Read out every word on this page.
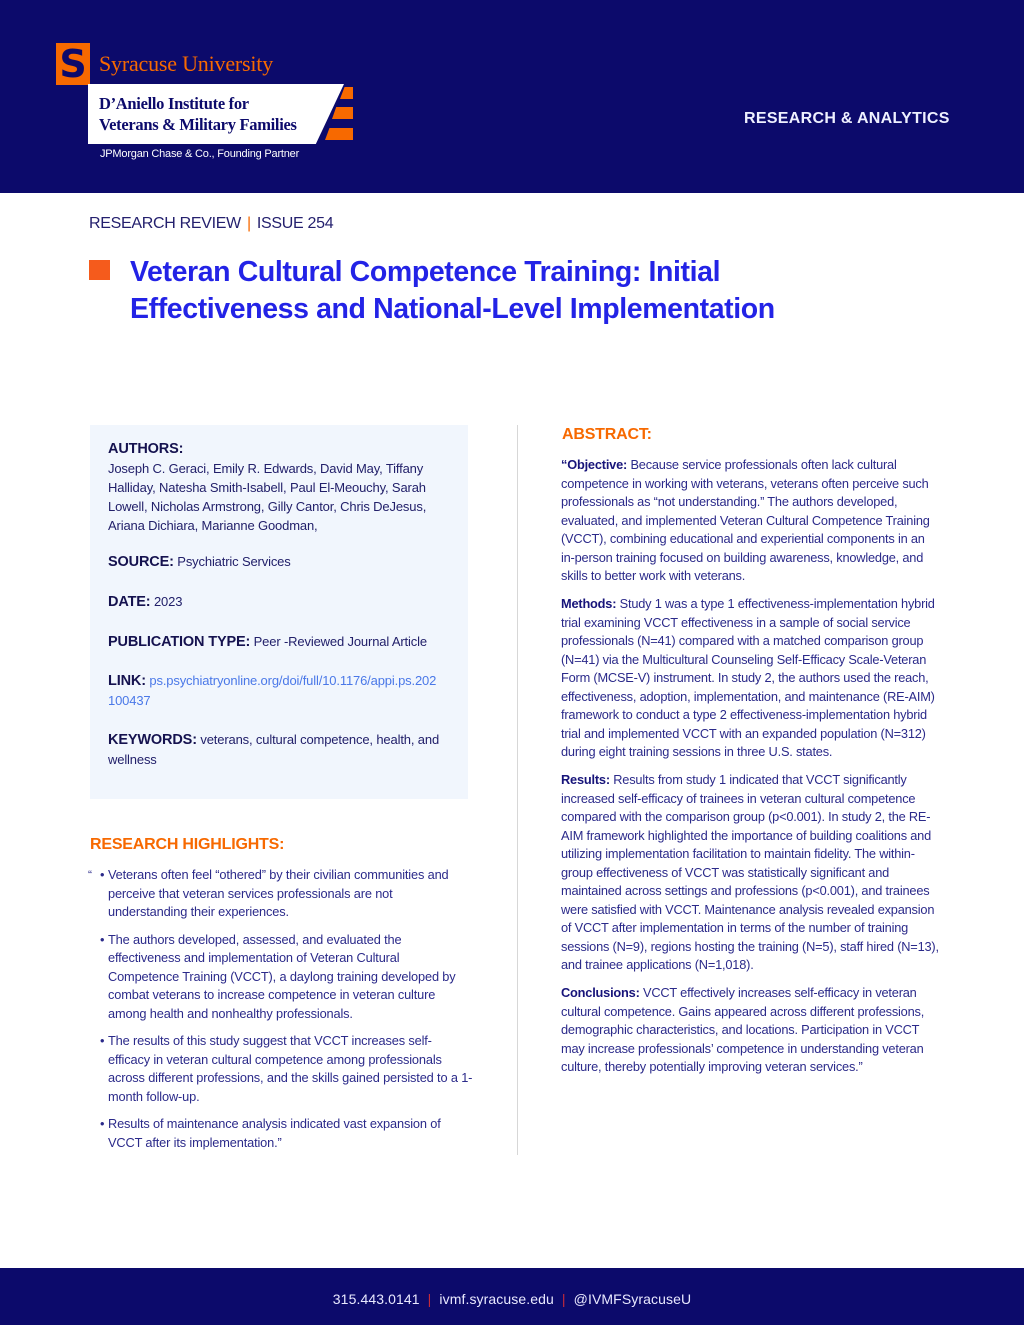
S Syracuse University
D’Aniello Institute for
Veterans & Military Families
JPMorgan Chase & Co., Founding Partner
RESEARCH & ANALYTICS
RESEARCH REVIEW | ISSUE 254
Veteran Cultural Competence Training: Initial
Effectiveness and National-Level Implementation
AUTHORS:
Joseph C. Geraci, Emily R. Edwards, David May, Tiffany Halliday, Natesha Smith-Isabell, Paul El-Meouchy, Sarah Lowell, Nicholas Armstrong, Gilly Cantor, Chris DeJesus, Ariana Dichiara, Marianne Goodman,
SOURCE: Psychiatric Services
DATE: 2023
PUBLICATION TYPE: Peer -Reviewed Journal Article
LINK: ps.psychiatryonline.org/doi/full/10.1176/appi.ps.202100437
KEYWORDS: veterans, cultural competence, health, and wellness
RESEARCH HIGHLIGHTS:
“ • Veterans often feel “othered” by their civilian communities and perceive that veteran services professionals are not understanding their experiences.
• The authors developed, assessed, and evaluated the effectiveness and implementation of Veteran Cultural Competence Training (VCCT), a daylong training developed by combat veterans to increase competence in veteran culture among health and nonhealthy professionals.
• The results of this study suggest that VCCT increases self-efficacy in veteran cultural competence among professionals across different professions, and the skills gained persisted to a 1-month follow-up.
• Results of maintenance analysis indicated vast expansion of VCCT after its implementation.”
ABSTRACT:

“Objective: Because service professionals often lack cultural competence in working with veterans, veterans often perceive such professionals as “not understanding.” The authors developed, evaluated, and implemented Veteran Cultural Competence Training (VCCT), combining educational and experiential components in an in-person training focused on building awareness, knowledge, and skills to better work with veterans.

Methods: Study 1 was a type 1 effectiveness-implementation hybrid trial examining VCCT effectiveness in a sample of social service professionals (N=41) compared with a matched comparison group (N=41) via the Multicultural Counseling Self-Efficacy Scale-Veteran Form (MCSE-V) instrument. In study 2, the authors used the reach, effectiveness, adoption, implementation, and maintenance (RE-AIM) framework to conduct a type 2 effectiveness-implementation hybrid trial and implemented VCCT with an expanded population (N=312) during eight training sessions in three U.S. states.

Results: Results from study 1 indicated that VCCT significantly increased self-efficacy of trainees in veteran cultural competence compared with the comparison group (p<0.001). In study 2, the RE-AIM framework highlighted the importance of building coalitions and utilizing implementation facilitation to maintain fidelity. The within-group effectiveness of VCCT was statistically significant and maintained across settings and professions (p<0.001), and trainees were satisfied with VCCT. Maintenance analysis revealed expansion of VCCT after implementation in terms of the number of training sessions (N=9), regions hosting the training (N=5), staff hired (N=13), and trainee applications (N=1,018).

Conclusions: VCCT effectively increases self-efficacy in veteran cultural competence. Gains appeared across different professions, demographic characteristics, and locations. Participation in VCCT may increase professionals’ competence in understanding veteran culture, thereby potentially improving veteran services.”

315.443.0141 | ivmf.syracuse.edu | @IVMFSyracuseU
